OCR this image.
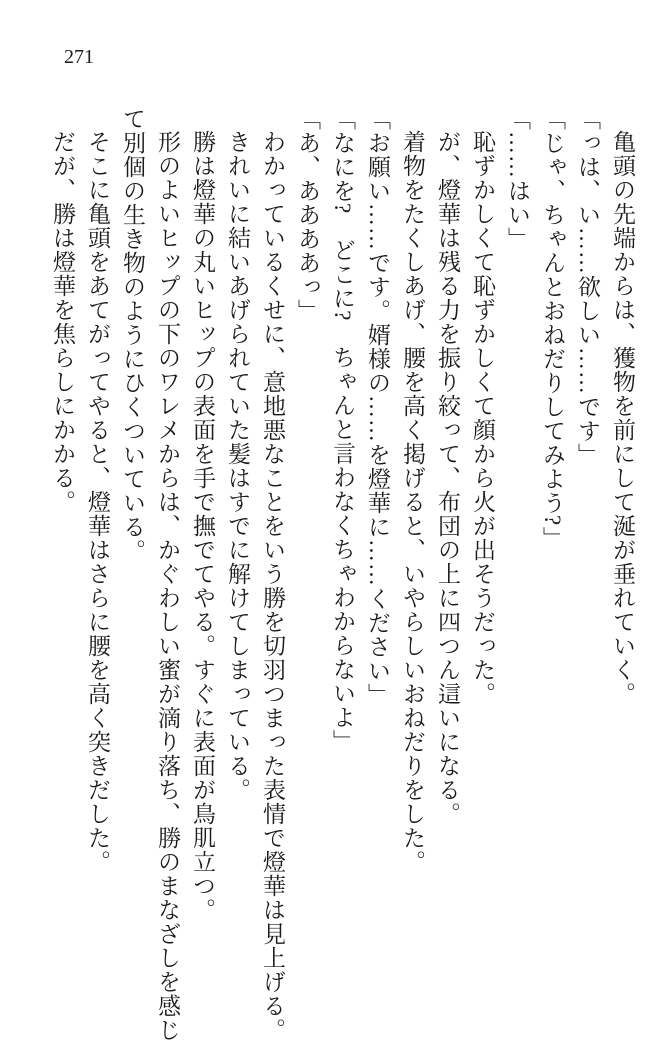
271

亀頭の先端からは、獲物を前にして涎が垂れていく。

「っは、い……欲しい……です」

「じゃ、ちゃんとおねだりしてみよう?」

「……はい」

恥ずかしくて恥ずかしくて顔から火が出そうだった。

が、燈華は残る力を振り絞って、布団の上に四つん這いになる。

着物をたくしあげ、腰を高く掲げると、いやらしいおねだりをした。

「お願い……です。婿様の……を燈華に……ください」

「なにを?　どこに?　ちゃんと言わなくちゃわからないよ」

「あ、ああああっ」

わかっているくせに、意地悪なことをいう勝を切羽つまった表情で燈華は見上げる。

きれいに結いあげられていた髪はすでに解けてしまっている。

勝は燈華の丸いヒップの表面を手で撫でてやる。すぐに表面が鳥肌立つ。

形のよいヒップの下のワレメからは、かぐわしい蜜が滴り落ち、勝のまなざしを感じて別個の生き物のようにひくついている。

そこに亀頭をあてがってやると、燈華はさらに腰を高く突きだした。

だが、勝は燈華を焦らしにかかる。
